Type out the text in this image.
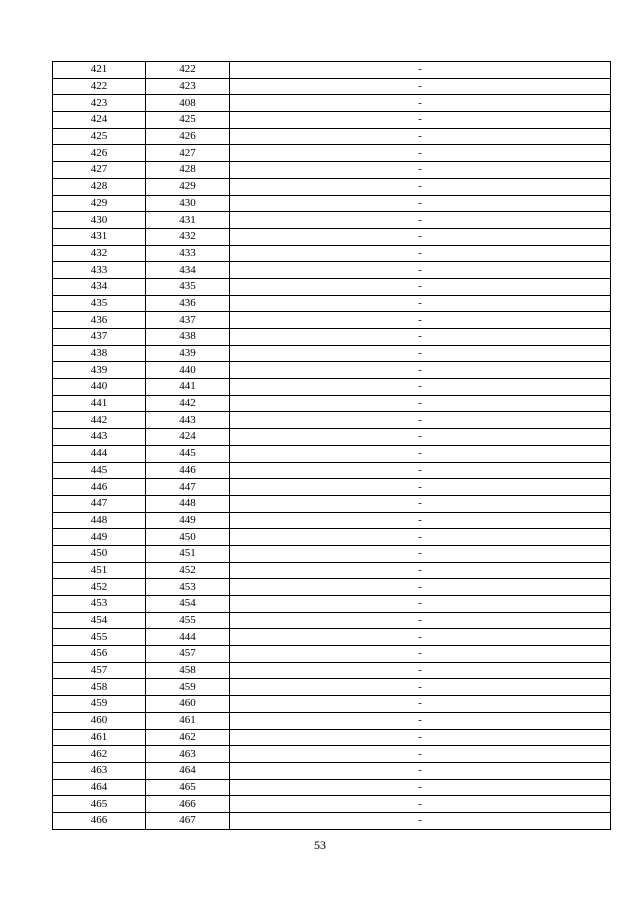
421	422	-
422	423	-
423	408	-
424	425	-
425	426	-
426	427	-
427	428	-
428	429	-
429	430	-
430	431	-
431	432	-
432	433	-
433	434	-
434	435	-
435	436	-
436	437	-
437	438	-
438	439	-
439	440	-
440	441	-
441	442	-
442	443	-
443	424	-
444	445	-
445	446	-
446	447	-
447	448	-
448	449	-
449	450	-
450	451	-
451	452	-
452	453	-
453	454	-
454	455	-
455	444	-
456	457	-
457	458	-
458	459	-
459	460	-
460	461	-
461	462	-
462	463	-
463	464	-
464	465	-
465	466	-
466	467	-
53
